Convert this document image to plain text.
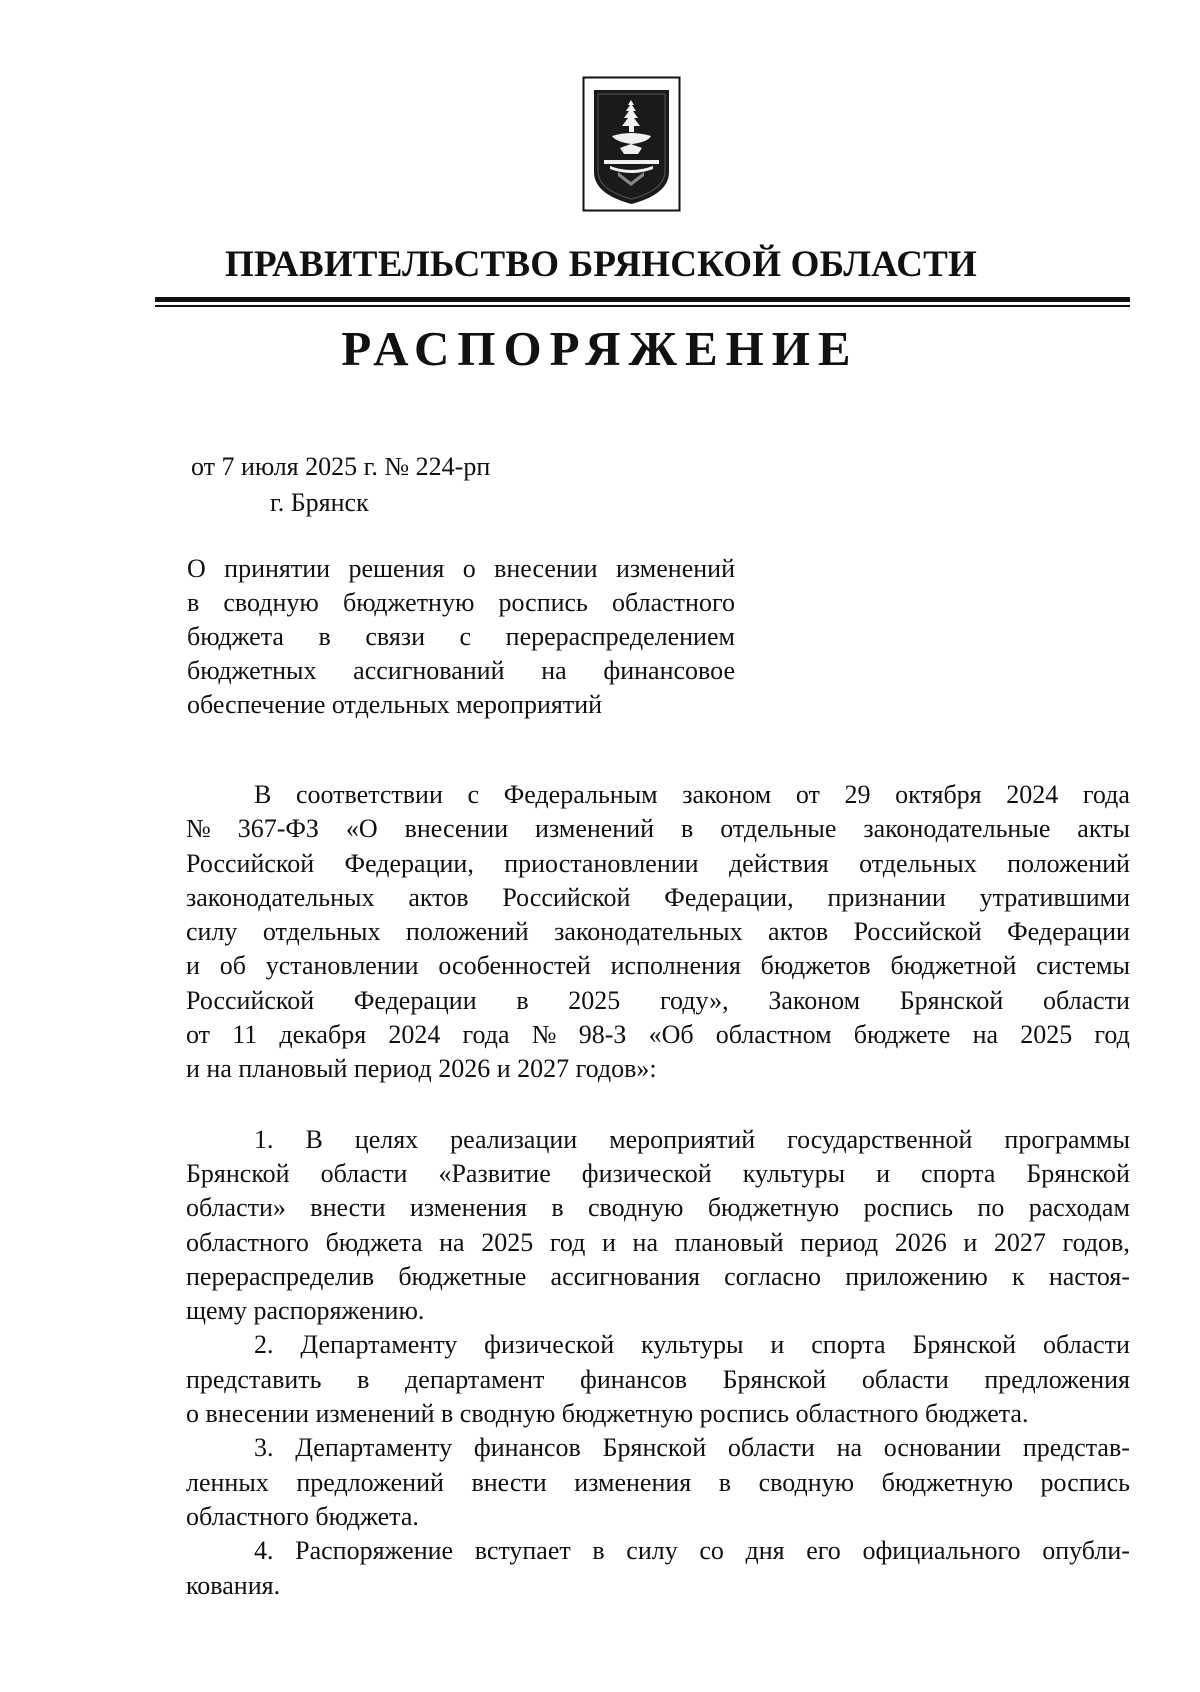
ПРАВИТЕЛЬСТВО БРЯНСКОЙ ОБЛАСТИ
РАСПОРЯЖЕНИЕ
от 7 июля 2025 г. № 224-рп
г. Брянск
О принятии решения о внесении изменений
в сводную бюджетную роспись областного
бюджета в связи с перераспределением
бюджетных ассигнований на финансовое
обеспечение отдельных мероприятий
В соответствии с Федеральным законом от 29 октября 2024 года
№ 367-ФЗ «О внесении изменений в отдельные законодательные акты
Российской Федерации, приостановлении действия отдельных положений
законодательных актов Российской Федерации, признании утратившими
силу отдельных положений законодательных актов Российской Федерации
и об установлении особенностей исполнения бюджетов бюджетной системы
Российской Федерации в 2025 году», Законом Брянской области
от 11 декабря 2024 года № 98-З «Об областном бюджете на 2025 год
и на плановый период 2026 и 2027 годов»:
1. В целях реализации мероприятий государственной программы
Брянской области «Развитие физической культуры и спорта Брянской
области» внести изменения в сводную бюджетную роспись по расходам
областного бюджета на 2025 год и на плановый период 2026 и 2027 годов,
перераспределив бюджетные ассигнования согласно приложению к настоя-
щему распоряжению.
2. Департаменту физической культуры и спорта Брянской области
представить в департамент финансов Брянской области предложения
о внесении изменений в сводную бюджетную роспись областного бюджета.
3. Департаменту финансов Брянской области на основании представ-
ленных предложений внести изменения в сводную бюджетную роспись
областного бюджета.
4. Распоряжение вступает в силу со дня его официального опубли-
кования.
